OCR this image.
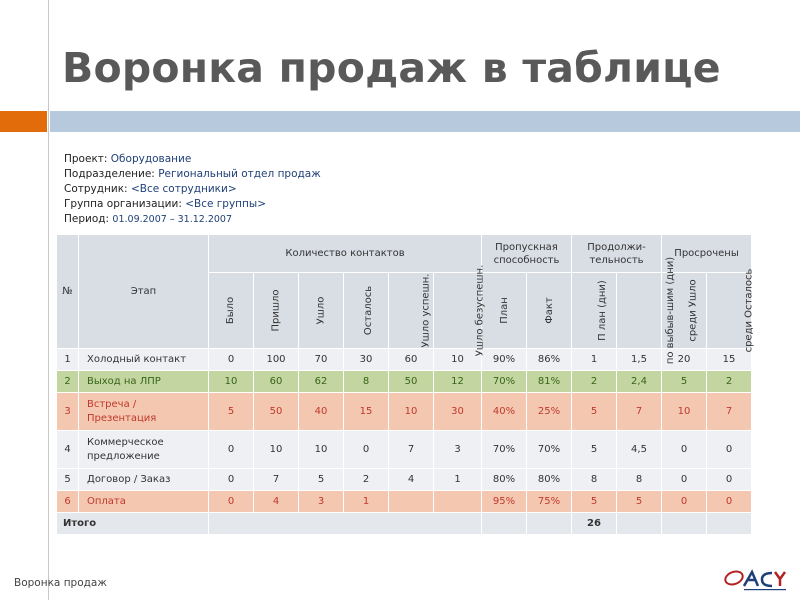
Воронка продаж в таблице
Проект: Оборудование
Подразделение: Региональный отдел продаж
Сотрудник: <Все сотрудники>
Группа организации: <Все группы>
Период: 01.09.2007 – 31.12.2007
№	Этап	Количество контактов						Пропускная способность		Продолжи-тельность		Просрочены	
		Было	Пришло	Ушло	Осталось	Ушло успешн.	Ушло безуспешн.	План	Факт	П лан (дни)	по выбыв-шим (дни)	среди Ушло	среди Осталось
1	Холодный контакт	0	100	70	30	60	10	90%	86%	1	1,5	20	15
2	Выход на ЛПР	10	60	62	8	50	12	70%	81%	2	2,4	5	2
3	Встреча / Презентация	5	50	40	15	10	30	40%	25%	5	7	10	7
4	Коммерческое предложение	0	10	10	0	7	3	70%	70%	5	4,5	0	0
5	Договор / Заказ	0	7	5	2	4	1	80%	80%	8	8	0	0
6	Оплата	0	4	3	1			95%	75%	5	5	0	0
Итого										26			
Воронка продаж
